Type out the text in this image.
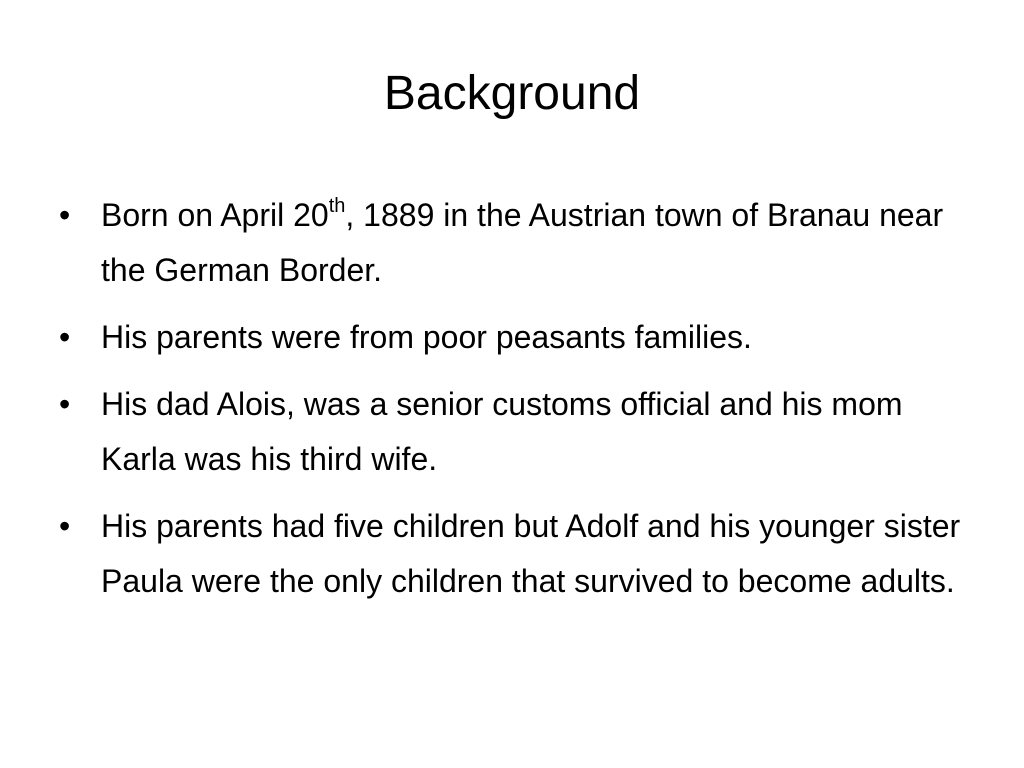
Background
• Born on April 20th, 1889 in the Austrian town of Branau near the German Border.
• His parents were from poor peasants families.
• His dad Alois, was a senior customs official and his mom Karla was his third wife.
• His parents had five children but Adolf and his younger sister Paula were the only children that survived to become adults.
